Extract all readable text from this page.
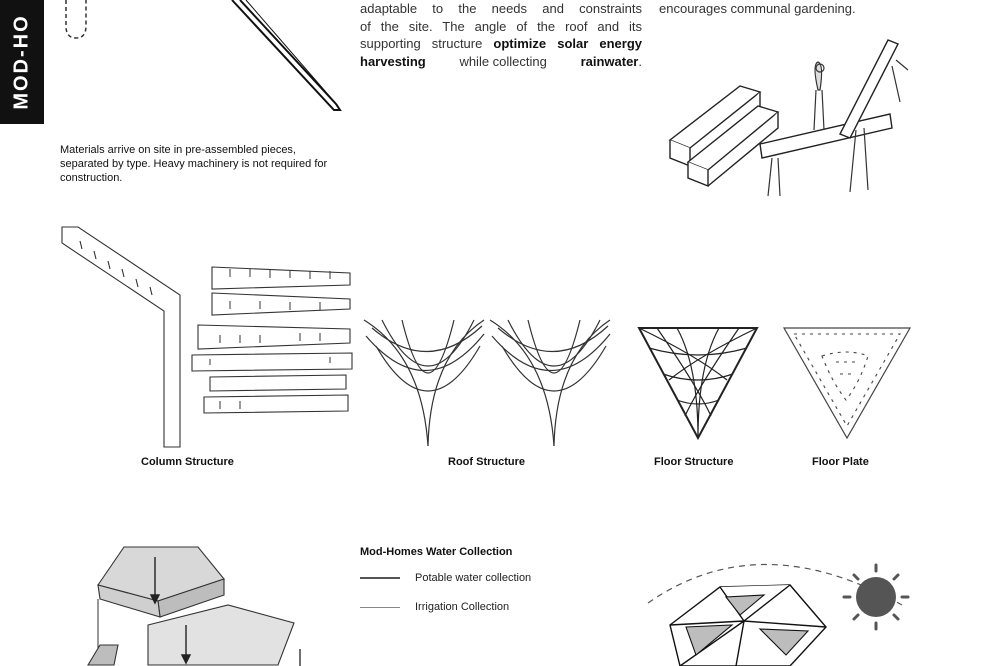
MOD-HO
adaptable to the needs and constraints
of the site. The angle of the roof and its
supporting structure optimize solar energy
harvesting	while collecting	rainwater.
encourages communal gardening.

Materials arrive on site in pre-assembled pieces, separated by type. Heavy machinery is not required for construction.

Column Structure	Roof Structure	Floor Structure	Floor Plate
Mod-Homes Water Collection
Potable water collection
Irrigation Collection
